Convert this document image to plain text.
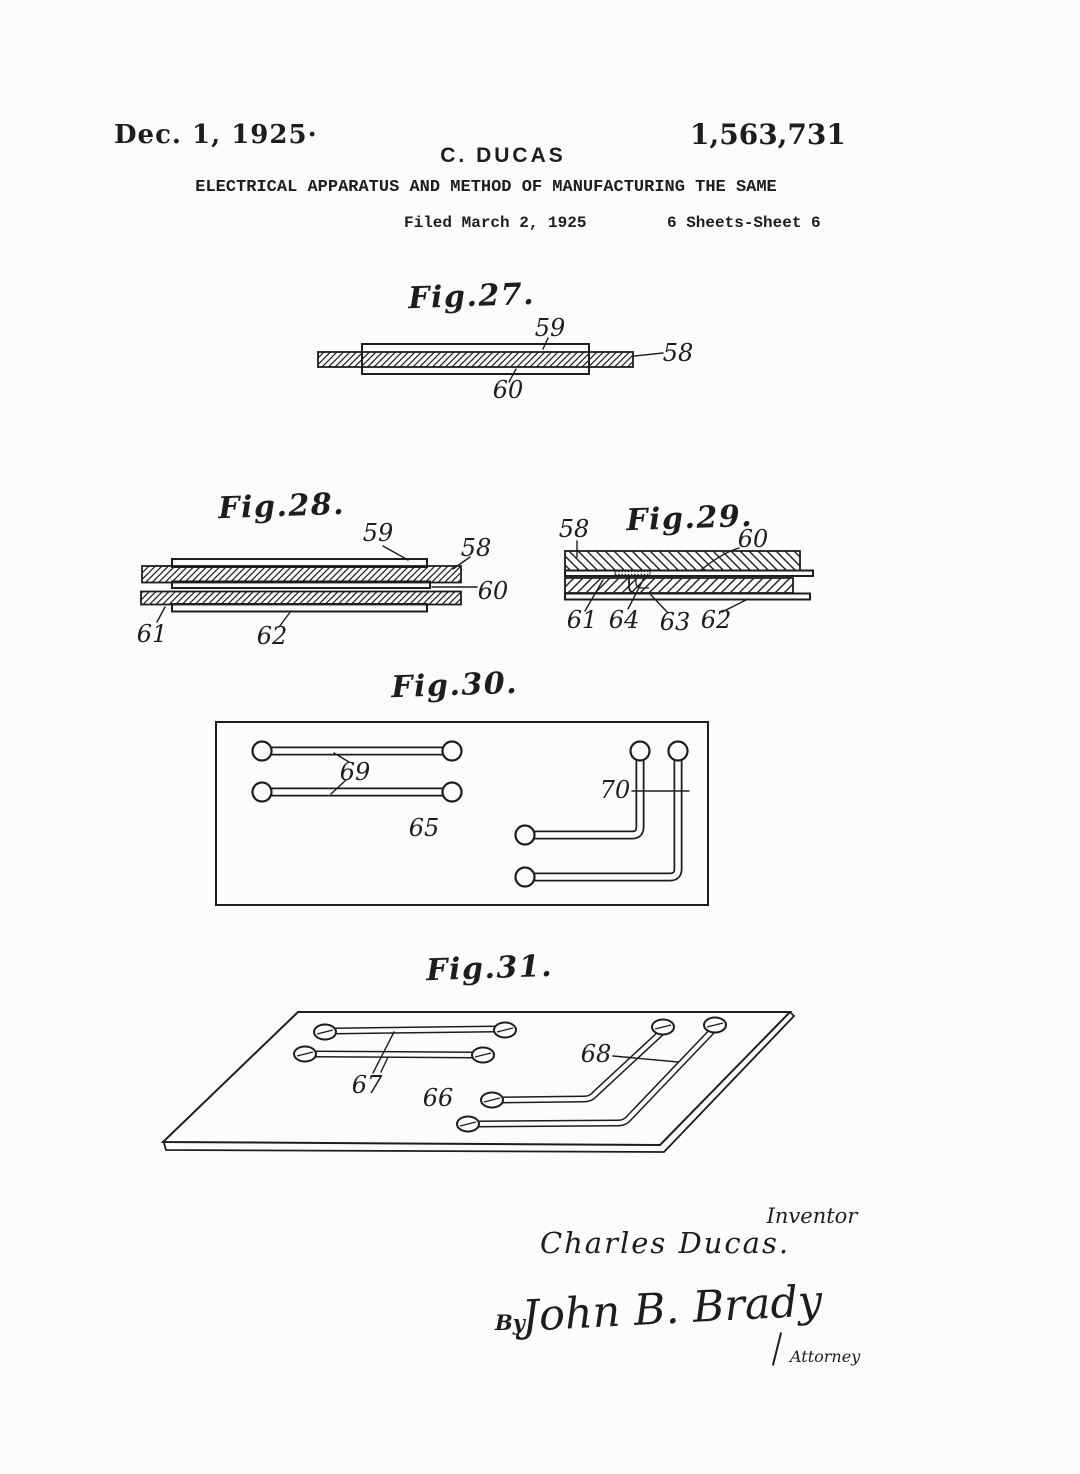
Dec. 1, 1925·	1,563,731
C. DUCAS
ELECTRICAL APPARATUS AND METHOD OF MANUFACTURING THE SAME
Filed March 2, 1925	6 Sheets-Sheet 6
Fig.27.
59
58
60
Fig.28.
59
58
60
61	62
Fig.29.
58	60
61 64 63 62
Fig.30.
69
65
70
Fig.31.
67 66
68
Inventor
Charles Ducas.
By
John B. Brady
Attorney
